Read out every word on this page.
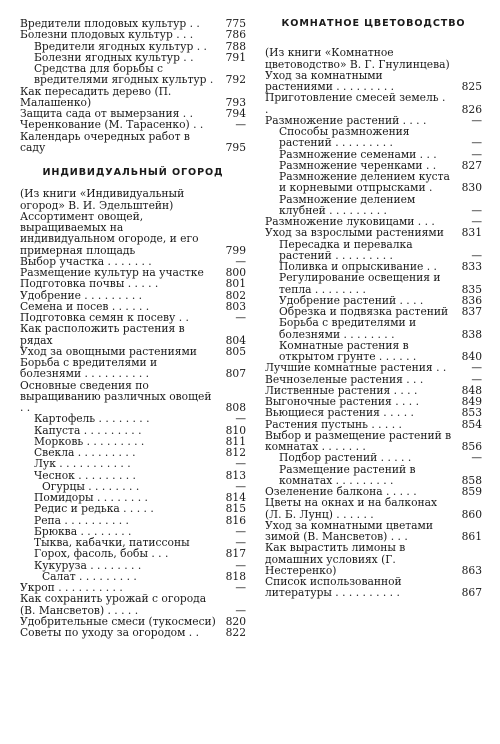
Вредители плодовых культур . .	775
Болезни плодовых культур . . .	786
Вредители ягодных культур . .	788
Болезни ягодных культур . .	791
Средства для борьбы с вредителями ягодных культур .	792
Как пересадить дерево (П. Малашенко)	793
Защита сада от вымерзания . .	794
Черенкование (М. Тарасенко) . .	—
Календарь очередных работ в саду	795
ИНДИВИДУАЛЬНЫЙ ОГОРОД
(Из книги «Индивидуальный огород» В. И. Эдельштейн)
Ассортимент овощей, выращиваемых на индивидуальном огороде, и его примерная площадь	799
Выбор участка . . . . . . .	—
Размещение культур на участке	800
Подготовка почвы . . . . .	801
Удобрение . . . . . . . . .	802
Семена и посев . . . . . .	803
Подготовка семян к посеву . .	—
Как расположить растения в рядах	804
Уход за овощными растениями	805
Борьба с вредителями и болезнями . . . . . . . . . .	807
Основные сведения по выращиванию различных овощей . .	808
Картофель . . . . . . . .	—
Капуста . . . . . . . . .	810
Морковь . . . . . . . . .	811
Свекла . . . . . . . . .	812
Лук . . . . . . . . . . .	—
Чеснок . . . . . . . . .	813
Огурцы . . . . . . . .	—
Помидоры . . . . . . . .	814
Редис и редька . . . . .	815
Репа . . . . . . . . . .	816
Брюква . . . . . . . .	—
Тыква, кабачки, патиссоны	—
Горох, фасоль, бобы . . .	817
Кукуруза . . . . . . . .	—
Салат . . . . . . . . .	818
Укроп . . . . . . . . . .	—
Как сохранить урожай с огорода (В. Мансветов) . . . . .	—
Удобрительные смеси (тукосмеси) 820
Советы по уходу за огородом . .	822
КОМНАТНОЕ ЦВЕТОВОДСТВО
(Из книги «Комнатное цветоводство» В. Г. Гнулинцева)
Уход за комнатными растениями . . . . . . . . .	825
Приготовление смесей земель . .	826
Размножение растений . . . .	—
Способы размножения растений . . . . . . . . .	—
Размножение семенами . . .	—
Размножение черенками . .	827
Размножение делением куста и корневыми отпрысками .	830
Размножение делением клубней . . . . . . . . .	—
Размножение луковицами . . .	—
Уход за взрослыми растениями	831
Пересадка и перевалка растений . . . . . . . . .	—
Поливка и опрыскивание . .	833
Регулирование освещения и тепла . . . . . . . .	835
Удобрение растений . . . .	836
Обрезка и подвязка растений	837
Борьба с вредителями и болезнями . . . . . . . .	838
Комнатные растения в открытом грунте . . . . . .	840
Лучшие комнатные растения . .	—
Вечнозеленые растения . . .	—
Лиственные растения . . . .	848
Выгоночные растения . . . .	849
Вьющиеся растения . . . . .	853
Растения пустынь . . . . .	854
Выбор и размещение растений в комнатах . . . . . . .	856
Подбор растений . . . . .	—
Размещение растений в комнатах . . . . . . . . .	858
Озеленение балкона . . . . .	859
Цветы на окнах и на балконах (Л. Б. Лунц) . . . . . .	860
Уход за комнатными цветами зимой (В. Мансветов) . . .	861
Как вырастить лимоны в домашних условиях (Г. Нестеренко)	863
Список использованной литературы . . . . . . . . . .	867
